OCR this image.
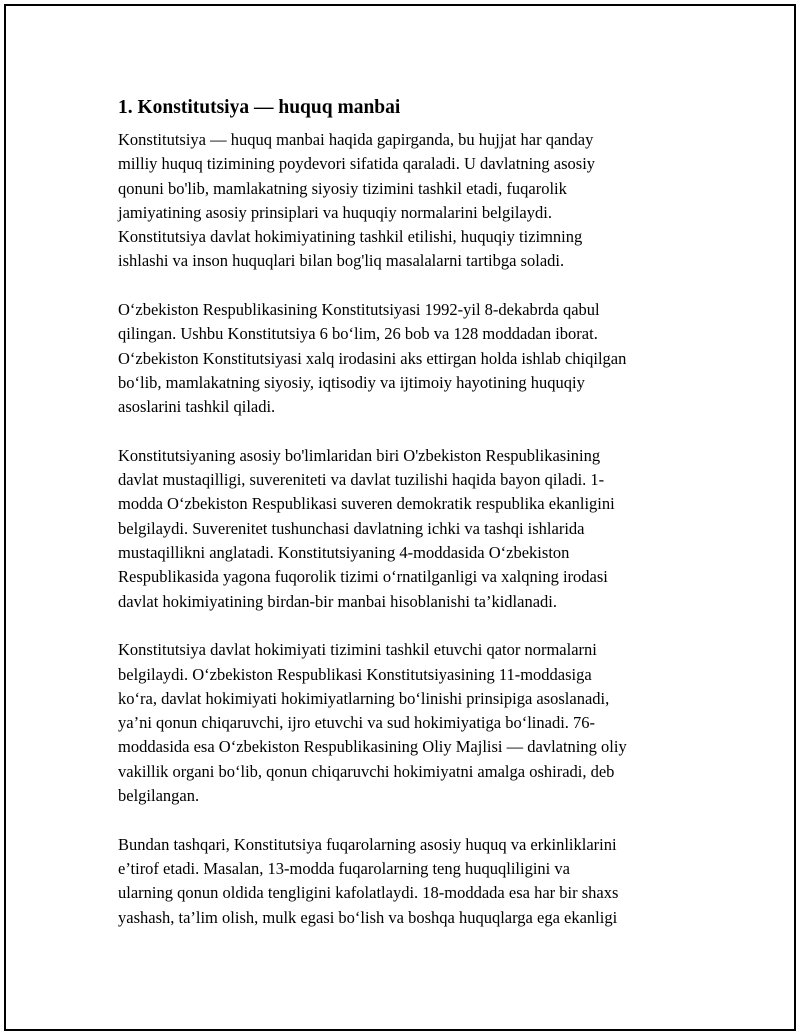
1. Konstitutsiya — huquq manbai

Konstitutsiya — huquq manbai haqida gapirganda, bu hujjat har qanday
milliy huquq tizimining poydevori sifatida qaraladi. U davlatning asosiy
qonuni bo'lib, mamlakatning siyosiy tizimini tashkil etadi, fuqarolik
jamiyatining asosiy prinsiplari va huquqiy normalarini belgilaydi.
Konstitutsiya davlat hokimiyatining tashkil etilishi, huquqiy tizimning
ishlashi va inson huquqlari bilan bog'liq masalalarni tartibga soladi.

O‘zbekiston Respublikasining Konstitutsiyasi 1992-yil 8-dekabrda qabul
qilingan. Ushbu Konstitutsiya 6 bo‘lim, 26 bob va 128 moddadan iborat.
O‘zbekiston Konstitutsiyasi xalq irodasini aks ettirgan holda ishlab chiqilgan
bo‘lib, mamlakatning siyosiy, iqtisodiy va ijtimoiy hayotining huquqiy
asoslarini tashkil qiladi.

Konstitutsiyaning asosiy bo'limlaridan biri O'zbekiston Respublikasining
davlat mustaqilligi, suvereniteti va davlat tuzilishi haqida bayon qiladi. 1-
modda O‘zbekiston Respublikasi suveren demokratik respublika ekanligini
belgilaydi. Suverenitet tushunchasi davlatning ichki va tashqi ishlarida
mustaqillikni anglatadi. Konstitutsiyaning 4-moddasida O‘zbekiston
Respublikasida yagona fuqorolik tizimi o‘rnatilganligi va xalqning irodasi
davlat hokimiyatining birdan-bir manbai hisoblanishi ta’kidlanadi.

Konstitutsiya davlat hokimiyati tizimini tashkil etuvchi qator normalarni
belgilaydi. O‘zbekiston Respublikasi Konstitutsiyasining 11-moddasiga
ko‘ra, davlat hokimiyati hokimiyatlarning bo‘linishi prinsipiga asoslanadi,
ya’ni qonun chiqaruvchi, ijro etuvchi va sud hokimiyatiga bo‘linadi. 76-
moddasida esa O‘zbekiston Respublikasining Oliy Majlisi — davlatning oliy
vakillik organi bo‘lib, qonun chiqaruvchi hokimiyatni amalga oshiradi, deb
belgilangan.

Bundan tashqari, Konstitutsiya fuqarolarning asosiy huquq va erkinliklarini
e’tirof etadi. Masalan, 13-modda fuqarolarning teng huquqliligini va
ularning qonun oldida tengligini kafolatlaydi. 18-moddada esa har bir shaxs
yashash, ta’lim olish, mulk egasi bo‘lish va boshqa huquqlarga ega ekanligi
